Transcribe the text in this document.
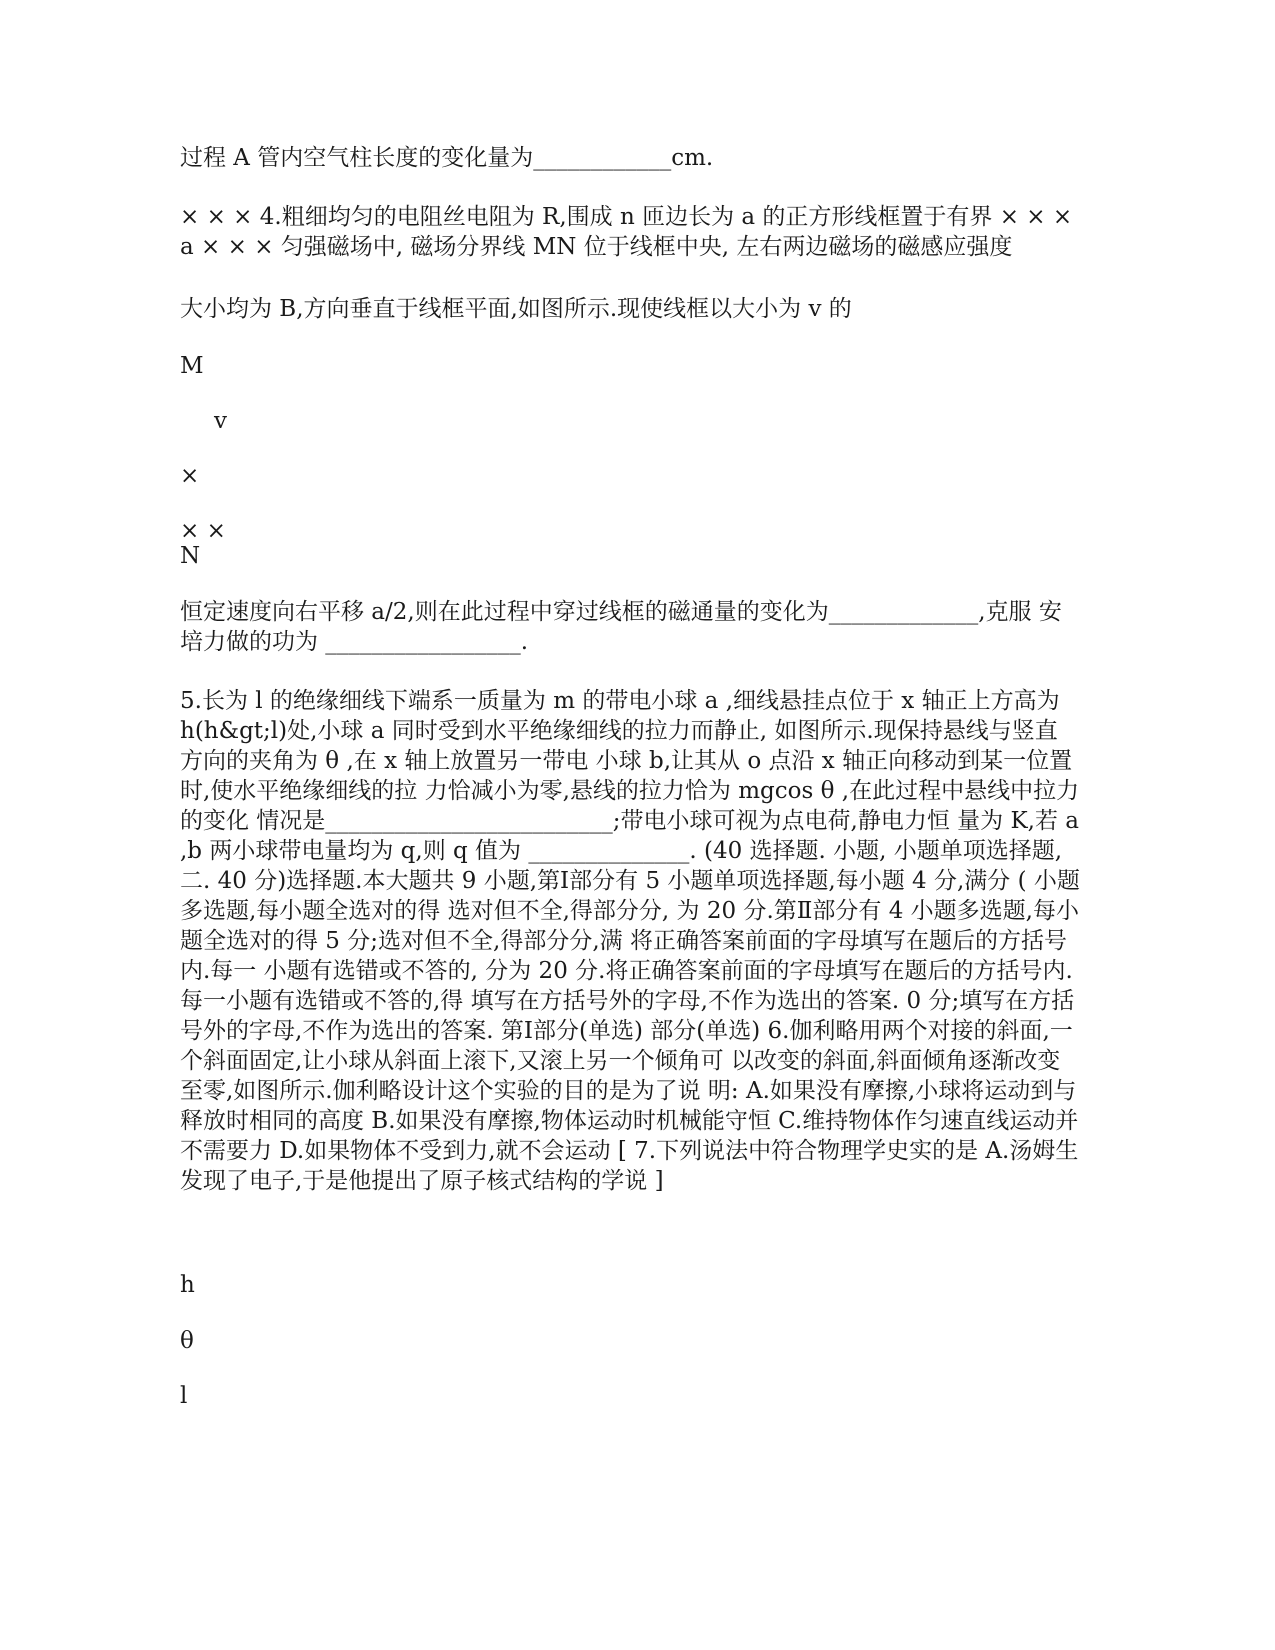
过程 A 管内空气柱长度的变化量为____________cm.

× × × 4.粗细均匀的电阻丝电阻为 R,围成 n 匝边长为 a 的正方形线框置于有界 × × × a × × × 匀强磁场中, 磁场分界线 MN 位于线框中央, 左右两边磁场的磁感应强度

大小均为 B,方向垂直于线框平面,如图所示.现使线框以大小为 v 的

M

v

×

× ×

N

恒定速度向右平移 a/2,则在此过程中穿过线框的磁通量的变化为_____________,克服 安培力做的功为 _________________.

5.长为 l 的绝缘细线下端系一质量为 m 的带电小球 a ,细线悬挂点位于 x 轴正上方高为 h(h&gt;l)处,小球 a 同时受到水平绝缘细线的拉力而静止, 如图所示.现保持悬线与竖直方向的夹角为 θ ,在 x 轴上放置另一带电 小球 b,让其从 o 点沿 x 轴正向移动到某一位置时,使水平绝缘细线的拉 力恰减小为零,悬线的拉力恰为 mgcos θ ,在此过程中悬线中拉力的变化 情况是_________________________;带电小球可视为点电荷,静电力恒 量为 K,若 a ,b 两小球带电量均为 q,则 q 值为 ______________. (40 选择题. 小题, 小题单项选择题, 二. 40 分)选择题.本大题共 9 小题,第Ⅰ部分有 5 小题单项选择题,每小题 4 分,满分 ( 小题多选题,每小题全选对的得 选对但不全,得部分分, 为 20 分.第Ⅱ部分有 4 小题多选题,每小题全选对的得 5 分;选对但不全,得部分分,满 将正确答案前面的字母填写在题后的方括号内.每一 小题有选错或不答的, 分为 20 分.将正确答案前面的字母填写在题后的方括号内.每一小题有选错或不答的,得 填写在方括号外的字母,不作为选出的答案. 0 分;填写在方括号外的字母,不作为选出的答案. 第Ⅰ部分(单选) 部分(单选) 6.伽利略用两个对接的斜面,一个斜面固定,让小球从斜面上滚下,又滚上另一个倾角可 以改变的斜面,斜面倾角逐渐改变至零,如图所示.伽利略设计这个实验的目的是为了说 明: A.如果没有摩擦,小球将运动到与释放时相同的高度 B.如果没有摩擦,物体运动时机械能守恒 C.维持物体作匀速直线运动并不需要力 D.如果物体不受到力,就不会运动 [ 7.下列说法中符合物理学史实的是 A.汤姆生发现了电子,于是他提出了原子核式结构的学说 ]

h

θ

l
